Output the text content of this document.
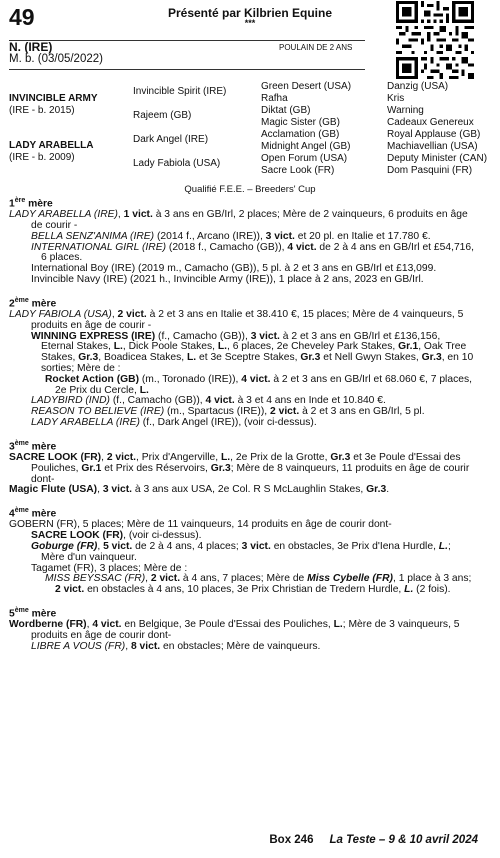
49	Présenté par Kilbrien Equine
***
N. (IRE)
M. b. (03/05/2022)
POULAIN DE 2 ANS
INVINCIBLE ARMY
(IRE - b. 2015)
LADY ARABELLA
(IRE - b. 2009)
Invincible Spirit (IRE)
Rajeem (GB)
Dark Angel (IRE)
Lady Fabiola (USA)
Green Desert (USA)
Rafha
Diktat (GB)
Magic Sister (GB)
Acclamation (GB)
Midnight Angel (GB)
Open Forum (USA)
Sacre Look (FR)
Danzig (USA)
Kris
Warning
Cadeaux Genereux
Royal Applause (GB)
Machiavellian (USA)
Deputy Minister (CAN)
Dom Pasquini (FR)
Qualifié F.E.E. – Breeders' Cup
1ère mère
LADY ARABELLA (IRE), 1 vict. à 3 ans en GB/Irl, 2 places; Mère de 2 vainqueurs, 6 produits en âge de courir -
BELLA SENZ'ANIMA (IRE) (2014 f., Arcano (IRE)), 3 vict. et 20 pl. en Italie et 17.780 €.
INTERNATIONAL GIRL (IRE) (2018 f., Camacho (GB)), 4 vict. de 2 à 4 ans en GB/Irl et £54,716, 6 places.
International Boy (IRE) (2019 m., Camacho (GB)), 5 pl. à 2 et 3 ans en GB/Irl et £13,099.
Invincible Navy (IRE) (2021 h., Invincible Army (IRE)), 1 place à 2 ans, 2023 en GB/Irl.
2ème mère
LADY FABIOLA (USA), 2 vict. à 2 et 3 ans en Italie et 38.410 €, 15 places; Mère de 4 vainqueurs, 5 produits en âge de courir -
WINNING EXPRESS (IRE) (f., Camacho (GB)), 3 vict. à 2 et 3 ans en GB/Irl et £136,156, Eternal Stakes, L., Dick Poole Stakes, L., 6 places, 2e Cheveley Park Stakes, Gr.1, Oak Tree Stakes, Gr.3, Boadicea Stakes, L. et 3e Sceptre Stakes, Gr.3 et Nell Gwyn Stakes, Gr.3, en 10 sorties; Mère de :
Rocket Action (GB) (m., Toronado (IRE)), 4 vict. à 2 et 3 ans en GB/Irl et 68.060 €, 7 places, 2e Prix du Cercle, L.
LADYBIRD (IND) (f., Camacho (GB)), 4 vict. à 3 et 4 ans en Inde et 10.840 €.
REASON TO BELIEVE (IRE) (m., Spartacus (IRE)), 2 vict. à 2 et 3 ans en GB/Irl, 5 pl.
LADY ARABELLA (IRE) (f., Dark Angel (IRE)), (voir ci-dessus).
3ème mère
SACRE LOOK (FR), 2 vict., Prix d'Angerville, L., 2e Prix de la Grotte, Gr.3 et 3e Poule d'Essai des Pouliches, Gr.1 et Prix des Réservoirs, Gr.3; Mère de 8 vainqueurs, 11 produits en âge de courir dont-
Magic Flute (USA), 3 vict. à 3 ans aux USA, 2e Col. R S McLaughlin Stakes, Gr.3.
4ème mère
GOBERN (FR), 5 places; Mère de 11 vainqueurs, 14 produits en âge de courir dont-
SACRE LOOK (FR), (voir ci-dessus).
Goburge (FR), 5 vict. de 2 à 4 ans, 4 places; 3 vict. en obstacles, 3e Prix d'Iena Hurdle, L.; Mère d'un vainqueur.
Tagamet (FR), 3 places; Mère de :
MISS BEYSSAC (FR), 2 vict. à 4 ans, 7 places; Mère de Miss Cybelle (FR), 1 place à 3 ans; 2 vict. en obstacles à 4 ans, 10 places, 3e Prix Christian de Tredern Hurdle, L. (2 fois).
5ème mère
Wordberne (FR), 4 vict. en Belgique, 3e Poule d'Essai des Pouliches, L.; Mère de 3 vainqueurs, 5 produits en âge de courir dont-
LIBRE A VOUS (FR), 8 vict. en obstacles; Mère de vainqueurs.
Box 246 La Teste – 9 & 10 avril 2024
